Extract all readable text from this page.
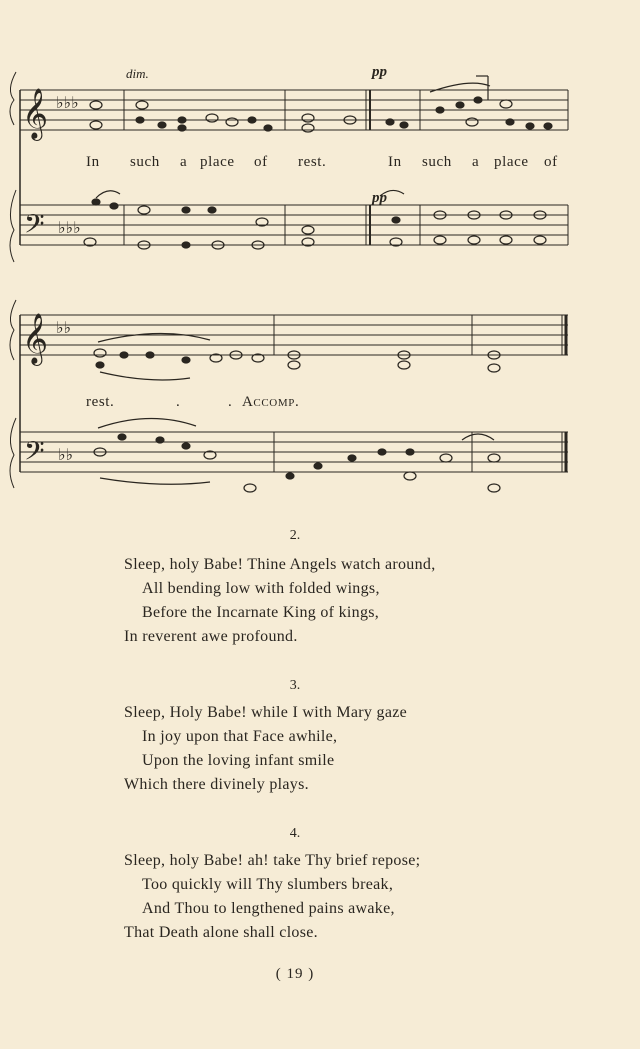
𝄞
𝄢
𝄞
𝄢
♭♭♭
♭♭♭
♭♭
♭♭
dim.	pp
pp
In such a place of rest.	In such a place of
rest.	.	. Accomp.
2.
Sleep, holy Babe! Thine Angels watch around,
All bending low with folded wings,
Before the Incarnate King of kings,
In reverent awe profound.
3.
Sleep, Holy Babe! while I with Mary gaze
In joy upon that Face awhile,
Upon the loving infant smile
Which there divinely plays.
4.
Sleep, holy Babe! ah! take Thy brief repose;
Too quickly will Thy slumbers break,
And Thou to lengthened pains awake,
That Death alone shall close.
( 19 )
